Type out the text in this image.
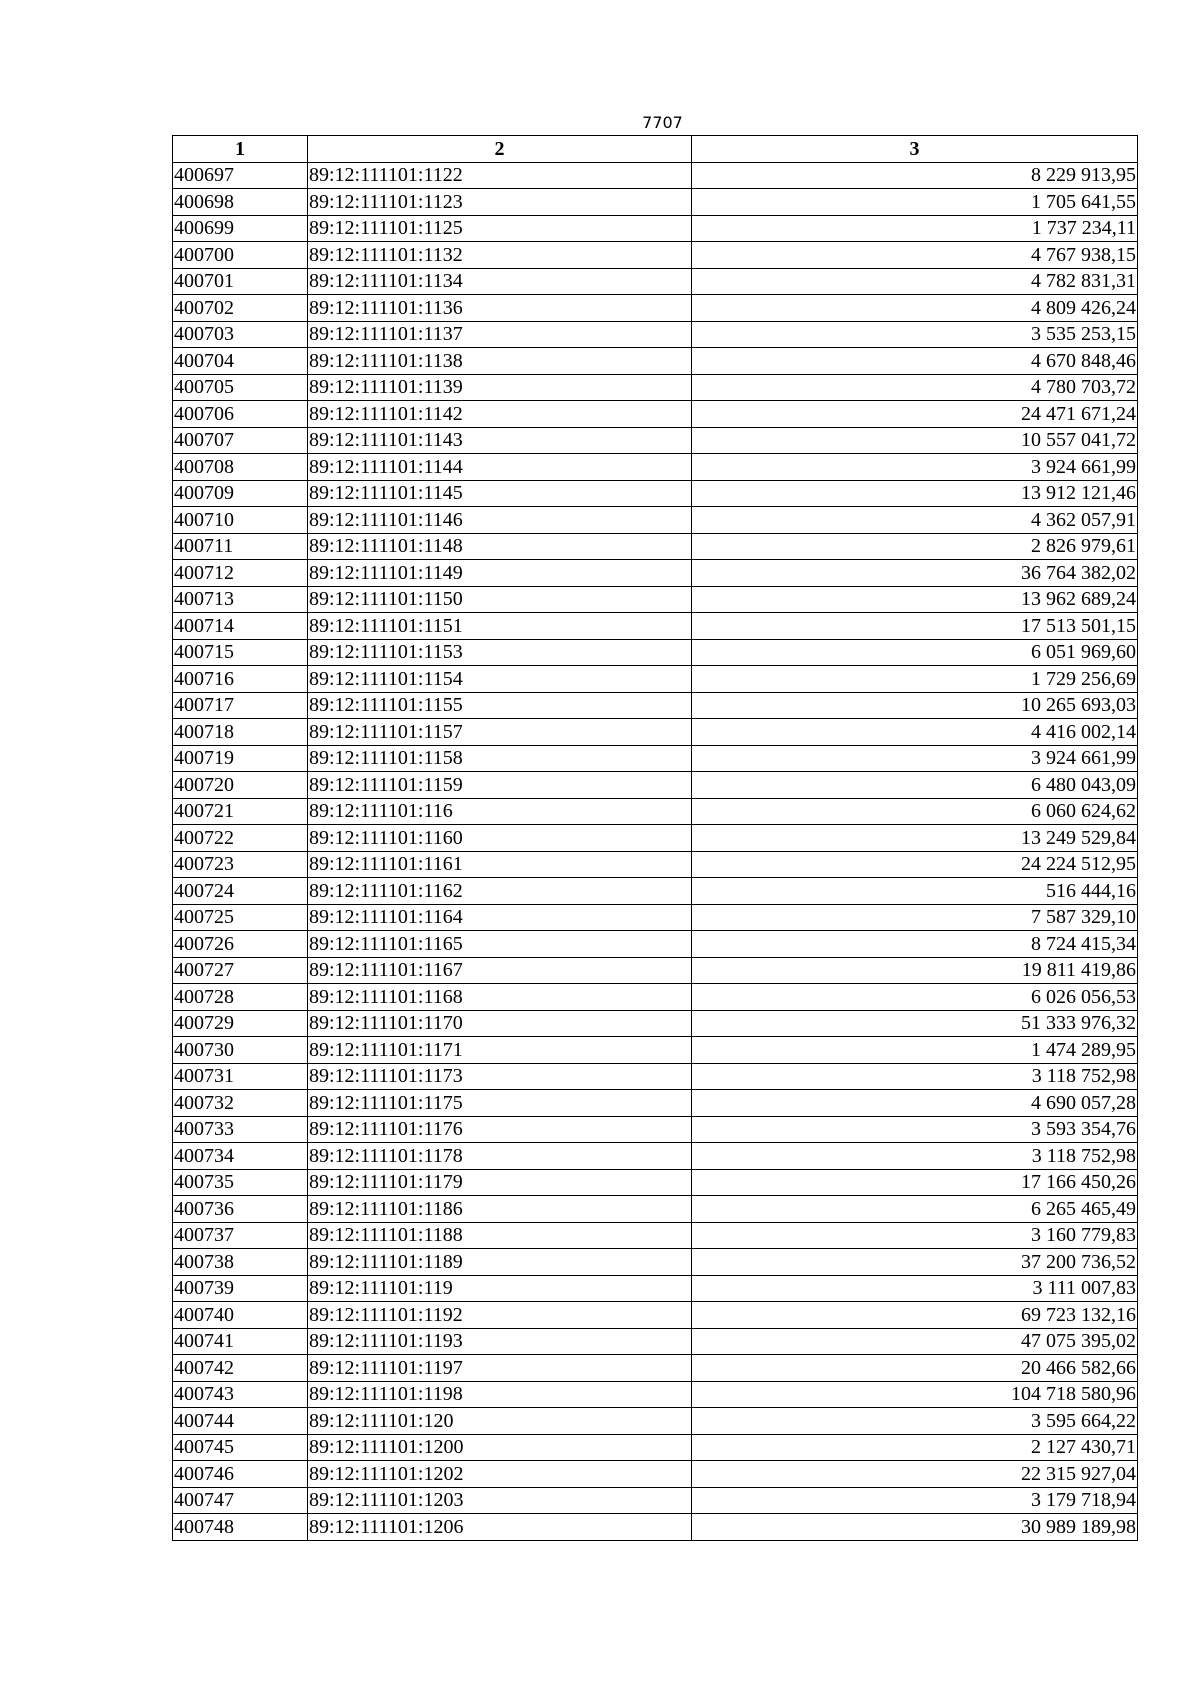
7707
1	2	3
400697	89:12:111101:1122	8 229 913,95
400698	89:12:111101:1123	1 705 641,55
400699	89:12:111101:1125	1 737 234,11
400700	89:12:111101:1132	4 767 938,15
400701	89:12:111101:1134	4 782 831,31
400702	89:12:111101:1136	4 809 426,24
400703	89:12:111101:1137	3 535 253,15
400704	89:12:111101:1138	4 670 848,46
400705	89:12:111101:1139	4 780 703,72
400706	89:12:111101:1142	24 471 671,24
400707	89:12:111101:1143	10 557 041,72
400708	89:12:111101:1144	3 924 661,99
400709	89:12:111101:1145	13 912 121,46
400710	89:12:111101:1146	4 362 057,91
400711	89:12:111101:1148	2 826 979,61
400712	89:12:111101:1149	36 764 382,02
400713	89:12:111101:1150	13 962 689,24
400714	89:12:111101:1151	17 513 501,15
400715	89:12:111101:1153	6 051 969,60
400716	89:12:111101:1154	1 729 256,69
400717	89:12:111101:1155	10 265 693,03
400718	89:12:111101:1157	4 416 002,14
400719	89:12:111101:1158	3 924 661,99
400720	89:12:111101:1159	6 480 043,09
400721	89:12:111101:116	6 060 624,62
400722	89:12:111101:1160	13 249 529,84
400723	89:12:111101:1161	24 224 512,95
400724	89:12:111101:1162	516 444,16
400725	89:12:111101:1164	7 587 329,10
400726	89:12:111101:1165	8 724 415,34
400727	89:12:111101:1167	19 811 419,86
400728	89:12:111101:1168	6 026 056,53
400729	89:12:111101:1170	51 333 976,32
400730	89:12:111101:1171	1 474 289,95
400731	89:12:111101:1173	3 118 752,98
400732	89:12:111101:1175	4 690 057,28
400733	89:12:111101:1176	3 593 354,76
400734	89:12:111101:1178	3 118 752,98
400735	89:12:111101:1179	17 166 450,26
400736	89:12:111101:1186	6 265 465,49
400737	89:12:111101:1188	3 160 779,83
400738	89:12:111101:1189	37 200 736,52
400739	89:12:111101:119	3 111 007,83
400740	89:12:111101:1192	69 723 132,16
400741	89:12:111101:1193	47 075 395,02
400742	89:12:111101:1197	20 466 582,66
400743	89:12:111101:1198	104 718 580,96
400744	89:12:111101:120	3 595 664,22
400745	89:12:111101:1200	2 127 430,71
400746	89:12:111101:1202	22 315 927,04
400747	89:12:111101:1203	3 179 718,94
400748	89:12:111101:1206	30 989 189,98
